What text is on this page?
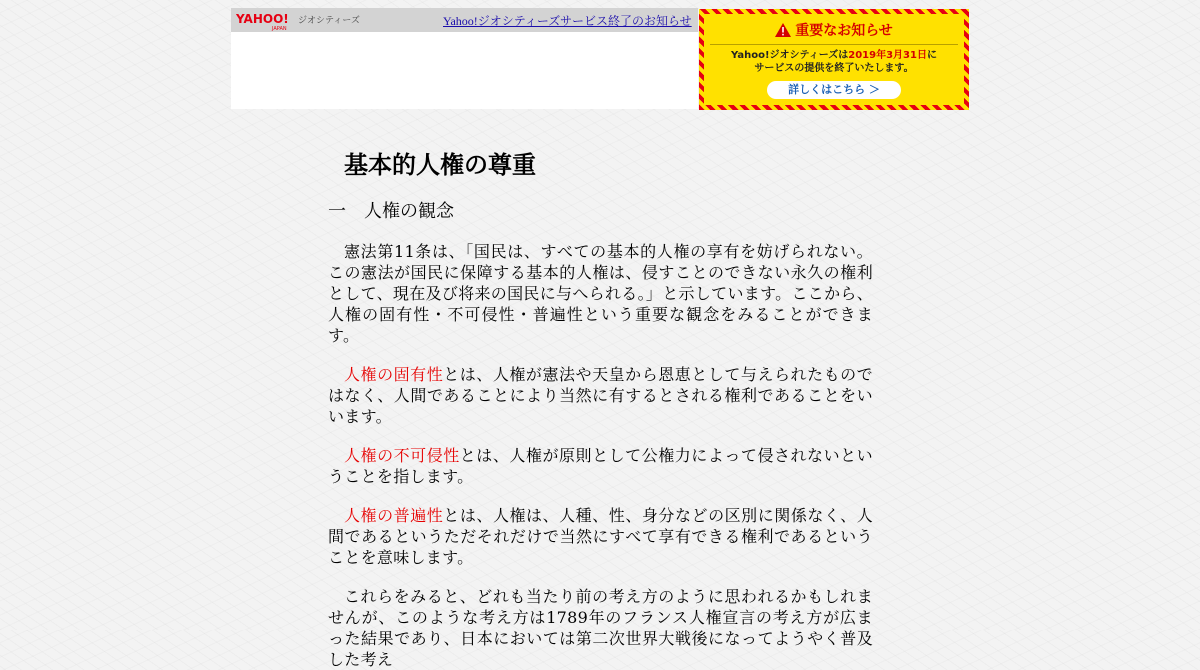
YAHOO!
JAPAN
ジオシティーズ	Yahoo!ジオシティーズサービス終了のお知らせ
重要なお知らせ
Yahoo!ジオシティーズは2019年3月31日に
サービスの提供を終了いたします。
詳しくはこちら ＞
基本的人権の尊重
一　人権の観念

憲法第11条は、「国民は、すべての基本的人権の享有を妨げられない。この憲法が国民に保障する基本的人権は、侵すことのできない永久の権利として、現在及び将来の国民に与へられる。」と示しています。ここから、人権の固有性・不可侵性・普遍性という重要な観念をみることができます。

人権の固有性とは、人権が憲法や天皇から恩恵として与えられたものではなく、人間であることにより当然に有するとされる権利であることをいいます。

人権の不可侵性とは、人権が原則として公権力によって侵されないということを指します。

人権の普遍性とは、人権は、人種、性、身分などの区別に関係なく、人間であるというただそれだけで当然にすべて享有できる権利であるということを意味します。

これらをみると、どれも当たり前の考え方のように思われるかもしれませんが、このような考え方は1789年のフランス人権宣言の考え方が広まった結果であり、日本においては第二次世界大戦後になってようやく普及した考え
